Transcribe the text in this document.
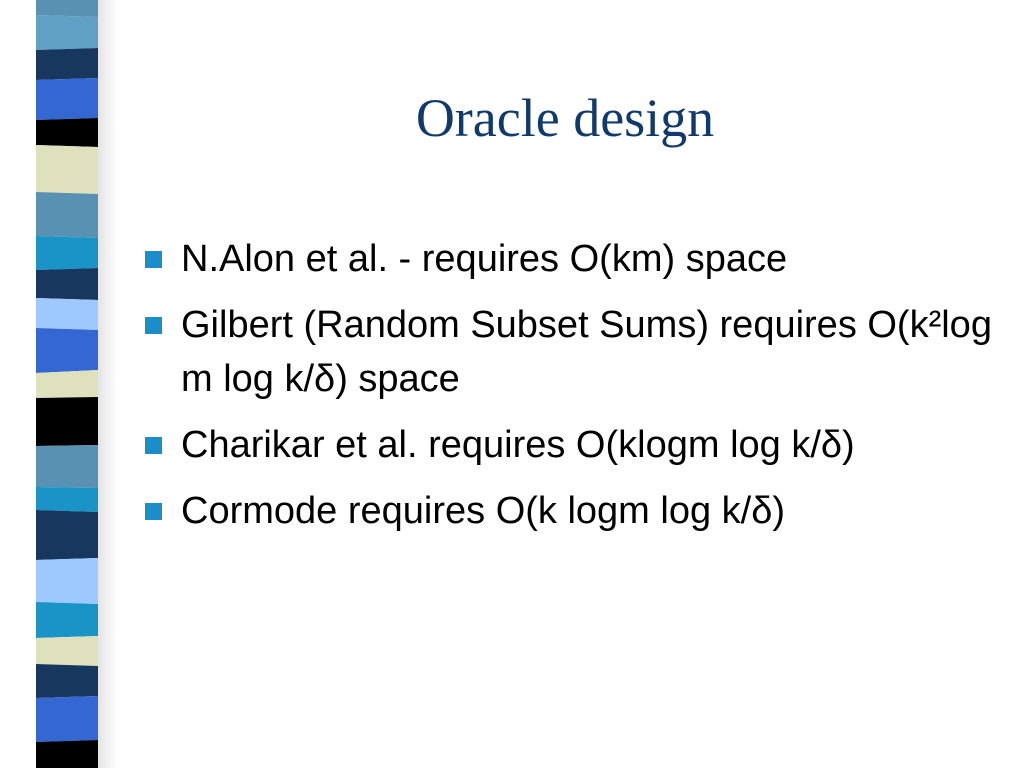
Oracle design
N.Alon et al. - requires O(km) space
Gilbert (Random Subset Sums) requires O(k²log m log k/δ) space
Charikar et al. requires O(klogm log k/δ)
Cormode requires O(k logm log k/δ)
